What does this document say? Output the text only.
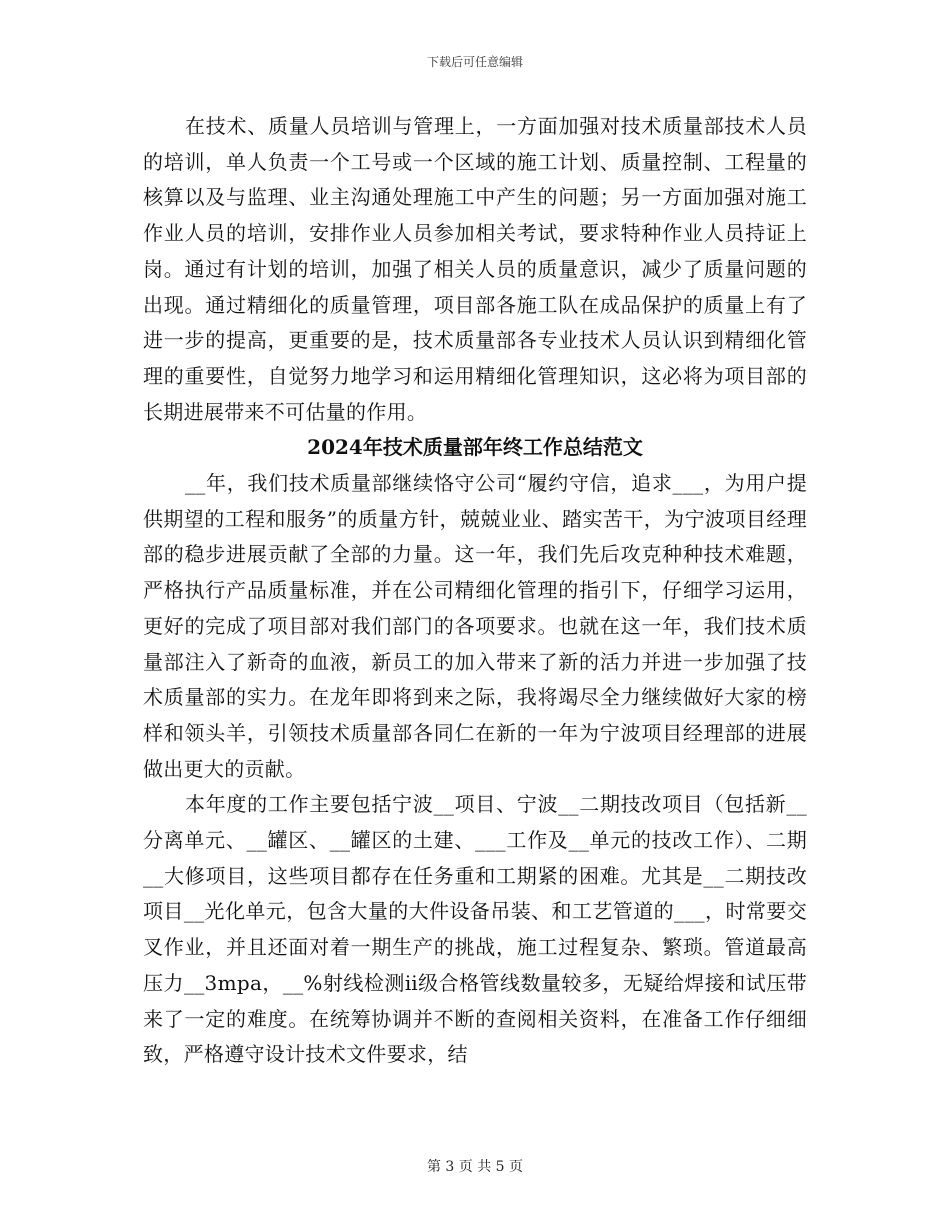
下载后可任意编辑

在技术、质量人员培训与管理上，一方面加强对技术质量部技术人员的培训，单人负责一个工号或一个区域的施工计划、质量控制、工程量的核算以及与监理、业主沟通处理施工中产生的问题；另一方面加强对施工作业人员的培训，安排作业人员参加相关考试，要求特种作业人员持证上岗。通过有计划的培训，加强了相关人员的质量意识，减少了质量问题的出现。通过精细化的质量管理，项目部各施工队在成品保护的质量上有了进一步的提高，更重要的是，技术质量部各专业技术人员认识到精细化管理的重要性，自觉努力地学习和运用精细化管理知识，这必将为项目部的长期进展带来不可估量的作用。

2024年技术质量部年终工作总结范文

__年，我们技术质量部继续恪守公司“履约守信，追求___，为用户提供期望的工程和服务”的质量方针，兢兢业业、踏实苦干，为宁波项目经理部的稳步进展贡献了全部的力量。这一年，我们先后攻克种种技术难题，严格执行产品质量标准，并在公司精细化管理的指引下，仔细学习运用，更好的完成了项目部对我们部门的各项要求。也就在这一年，我们技术质量部注入了新奇的血液，新员工的加入带来了新的活力并进一步加强了技术质量部的实力。在龙年即将到来之际，我将竭尽全力继续做好大家的榜样和领头羊，引领技术质量部各同仁在新的一年为宁波项目经理部的进展做出更大的贡献。

本年度的工作主要包括宁波__项目、宁波__二期技改项目（包括新__分离单元、__罐区、__罐区的土建、___工作及__单元的技改工作）、二期__大修项目，这些项目都存在任务重和工期紧的困难。尤其是__二期技改项目__光化单元，包含大量的大件设备吊装、和工艺管道的___，时常要交叉作业，并且还面对着一期生产的挑战，施工过程复杂、繁琐。管道最高压力__3mpa，__%射线检测ⅱ级合格管线数量较多，无疑给焊接和试压带来了一定的难度。在统筹协调并不断的查阅相关资料，在准备工作仔细细致，严格遵守设计技术文件要求，结

第 3 页 共 5 页
